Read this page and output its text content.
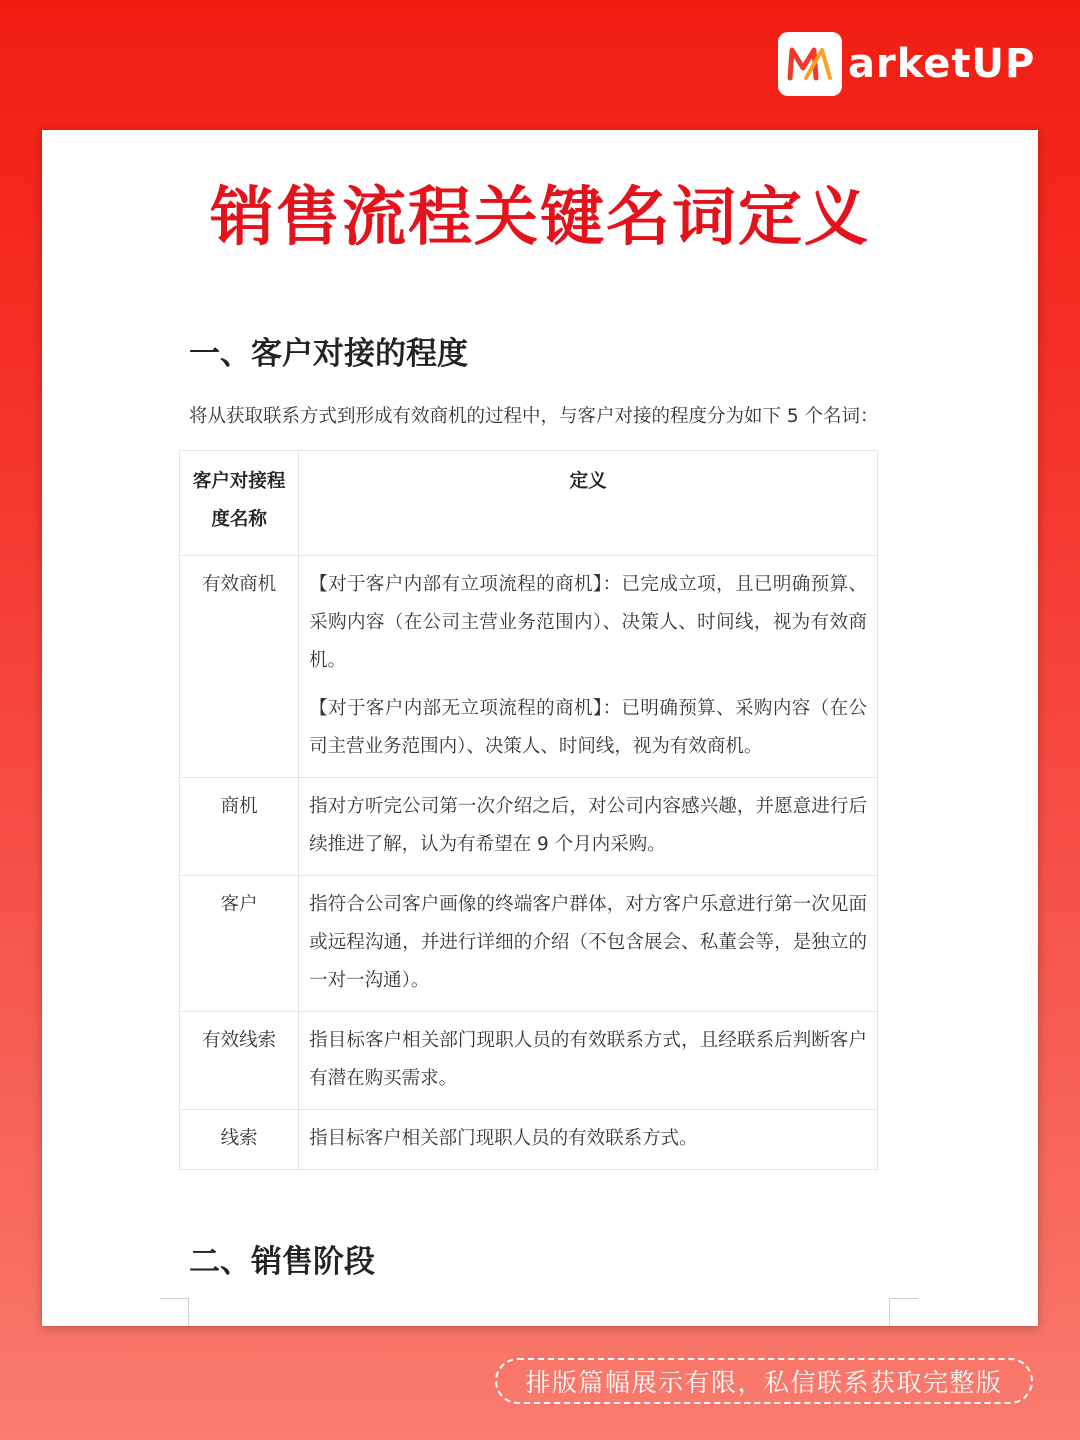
arketUP
销售流程关键名词定义
一、客户对接的程度

将从获取联系方式到形成有效商机的过程中，与客户对接的程度分为如下 5 个名词：

客户对接程度名称	定义
有效商机	【对于客户内部有立项流程的商机】：已完成立项，且已明确预算、采购内容（在公司主营业务范围内）、决策人、时间线，视为有效商机。

【对于客户内部无立项流程的商机】：已明确预算、采购内容（在公司主营业务范围内）、决策人、时间线，视为有效商机。

商机	指对方听完公司第一次介绍之后，对公司内容感兴趣，并愿意进行后续推进了解，认为有希望在 9 个月内采购。

客户	指符合公司客户画像的终端客户群体，对方客户乐意进行第一次见面或远程沟通，并进行详细的介绍（不包含展会、私董会等，是独立的一对一沟通）。

有效线索	指目标客户相关部门现职人员的有效联系方式，且经联系后判断客户有潜在购买需求。

线索	指目标客户相关部门现职人员的有效联系方式。

二、销售阶段
排版篇幅展示有限，私信联系获取完整版
